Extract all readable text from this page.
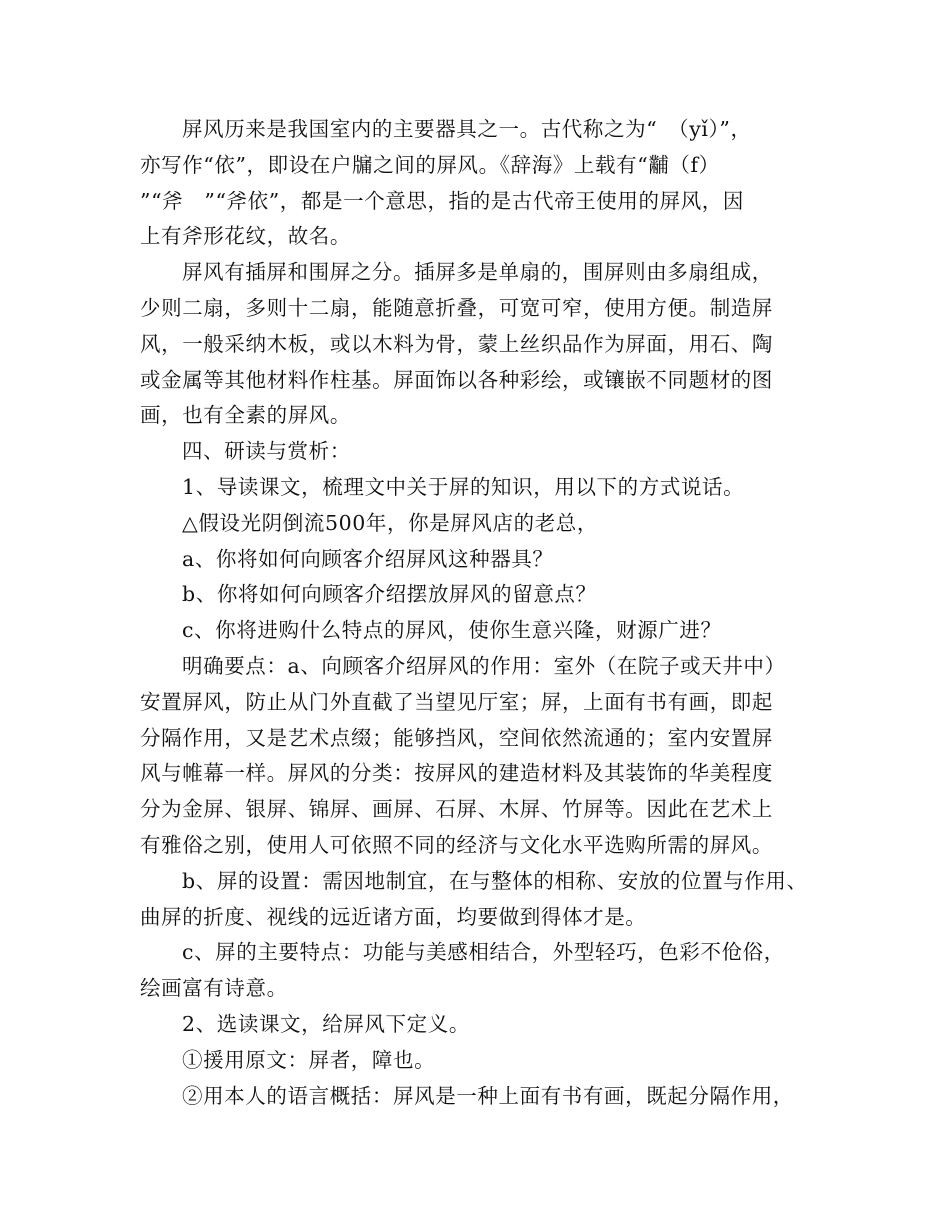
屏风历来是我国室内的主要器具之一。古代称之为“　（yǐ）”，
亦写作“依”，即设在户牖之间的屏风。《辞海》上载有“黼（f）
”“斧　”“斧依”，都是一个意思，指的是古代帝王使用的屏风，因
上有斧形花纹，故名。
屏风有插屏和围屏之分。插屏多是单扇的，围屏则由多扇组成，
少则二扇，多则十二扇，能随意折叠，可宽可窄，使用方便。制造屏
风，一般采纳木板，或以木料为骨，蒙上丝织品作为屏面，用石、陶
或金属等其他材料作柱基。屏面饰以各种彩绘，或镶嵌不同题材的图
画，也有全素的屏风。
四、研读与赏析：
1、导读课文，梳理文中关于屏的知识，用以下的方式说话。
△假设光阴倒流500年，你是屏风店的老总，
a、你将如何向顾客介绍屏风这种器具？
b、你将如何向顾客介绍摆放屏风的留意点？
c、你将进购什么特点的屏风，使你生意兴隆，财源广进？
明确要点：a、向顾客介绍屏风的作用：室外（在院子或天井中）
安置屏风，防止从门外直截了当望见厅室；屏，上面有书有画，即起
分隔作用，又是艺术点缀；能够挡风，空间依然流通的；室内安置屏
风与帷幕一样。屏风的分类：按屏风的建造材料及其装饰的华美程度
分为金屏、银屏、锦屏、画屏、石屏、木屏、竹屏等。因此在艺术上
有雅俗之别，使用人可依照不同的经济与文化水平选购所需的屏风。
b、屏的设置：需因地制宜，在与整体的相称、安放的位置与作用、
曲屏的折度、视线的远近诸方面，均要做到得体才是。
c、屏的主要特点：功能与美感相结合，外型轻巧，色彩不伧俗，
绘画富有诗意。
2、选读课文，给屏风下定义。
①援用原文：屏者，障也。
②用本人的语言概括：屏风是一种上面有书有画，既起分隔作用，
